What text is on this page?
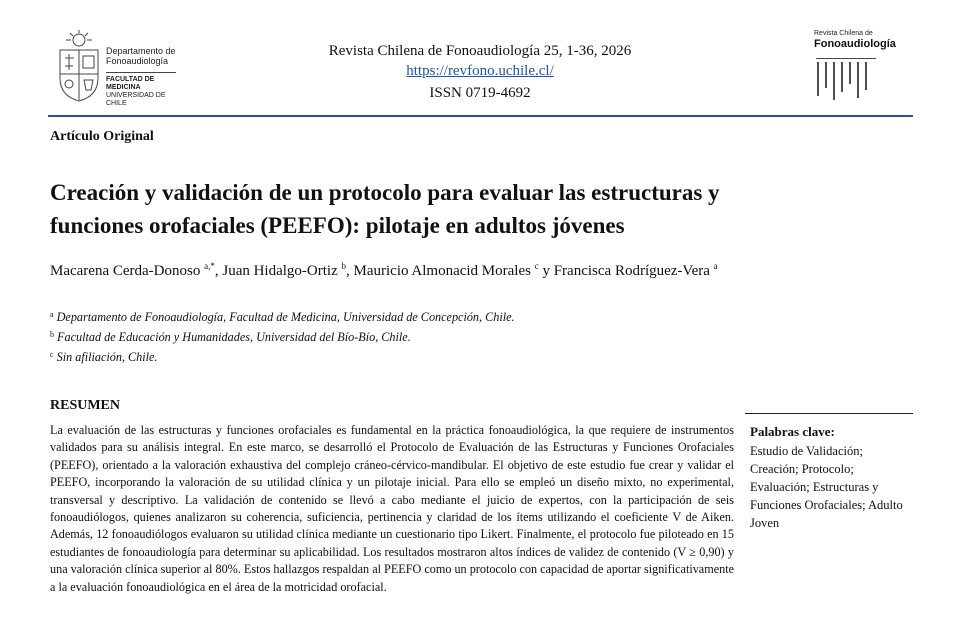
Departamento de
Fonoaudiología
FACULTAD DE MEDICINA
UNIVERSIDAD DE CHILE
Revista Chilena de Fonoaudiología 25, 1-36, 2026
https://revfono.uchile.cl/
ISSN 0719-4692
Revista Chilena de
Fonoaudiología
Artículo Original
Creación y validación de un protocolo para evaluar las estructuras y
funciones orofaciales (PEEFO): pilotaje en adultos jóvenes
Macarena Cerda-Donoso $^{a,*}$, Juan Hidalgo-Ortiz $^b$, Mauricio Almonacid Morales $^c$ y Francisca Rodríguez-Vera $^a$
$^a$ Departamento de Fonoaudiología, Facultad de Medicina, Universidad de Concepción, Chile.
$^b$ Facultad de Educación y Humanidades, Universidad del Bío-Bío, Chile.
$^c$ Sin afiliación, Chile.
RESUMEN
La evaluación de las estructuras y funciones orofaciales es fundamental en la práctica fonoaudiológica, la que requiere de instrumentos validados para su análisis integral. En este marco, se desarrolló el Protocolo de Evaluación de las Estructuras y Funciones Orofaciales (PEEFO), orientado a la valoración exhaustiva del complejo cráneo-cérvico-mandibular. El objetivo de este estudio fue crear y validar el PEEFO, incorporando la valoración de su utilidad clínica y un pilotaje inicial. Para ello se empleó un diseño mixto, no experimental, transversal y descriptivo. La validación de contenido se llevó a cabo mediante el juicio de expertos, con la participación de seis fonoaudiólogos, quienes analizaron su coherencia, suficiencia, pertinencia y claridad de los ítems utilizando el coeficiente V de Aiken. Además, 12 fonoaudiólogos evaluaron su utilidad clínica mediante un cuestionario tipo Likert. Finalmente, el protocolo fue piloteado en 15 estudiantes de fonoaudiología para determinar su aplicabilidad. Los resultados mostraron altos índices de validez de contenido (V ≥ 0,90) y una valoración clínica superior al 80%. Estos hallazgos respaldan al PEEFO como un protocolo con capacidad de aportar significativamente a la evaluación fonoaudiológica en el área de la motricidad orofacial.
Palabras clave:
Estudio de Validación; Creación; Protocolo; Evaluación; Estructuras y Funciones Orofaciales; Adulto Joven
